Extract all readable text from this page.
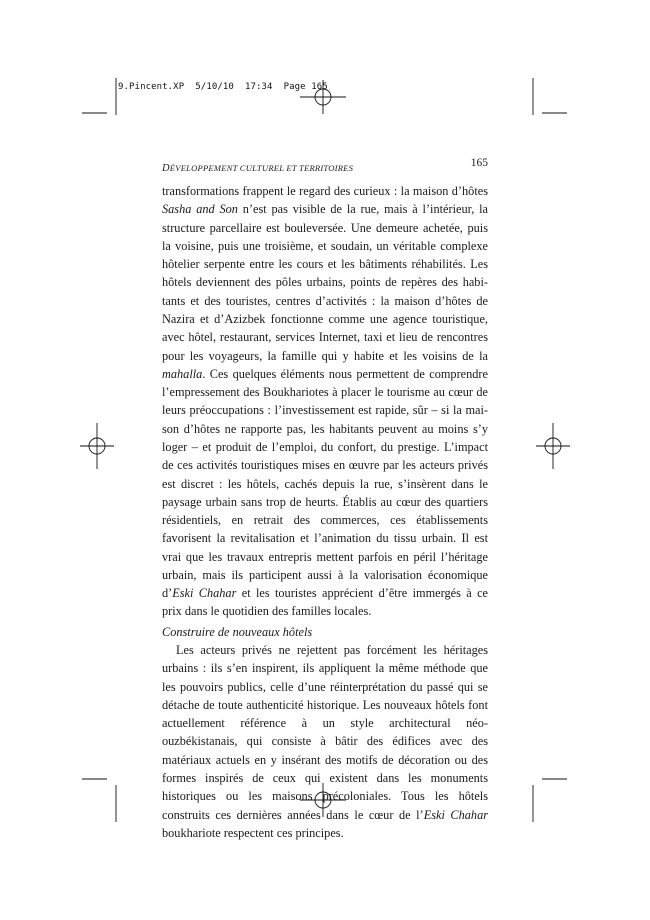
9.Pincent.XP 5/10/10 17:34 Page 165
DÉVELOPPEMENT CULTUREL ET TERRITOIRES	165

transformations frappent le regard des curieux : la maison d’hôtes Sasha and Son n’est pas visible de la rue, mais à l’intérieur, la structure parcellaire est bouleversée. Une demeure achetée, puis la voisine, puis une troisième, et soudain, un véritable complexe hôtelier serpente entre les cours et les bâtiments réhabilités. Les hôtels deviennent des pôles urbains, points de repères des habitants et des touristes, centres d’activités : la maison d’hôtes de Nazira et d’Azizbek fonctionne comme une agence touristique, avec hôtel, restaurant, services Internet, taxi et lieu de rencontres pour les voyageurs, la famille qui y habite et les voisins de la mahalla. Ces quelques éléments nous permettent de comprendre l’empressement des Boukhariotes à placer le tourisme au cœur de leurs préoccupations : l’investissement est rapide, sûr – si la maison d’hôtes ne rapporte pas, les habitants peuvent au moins s’y loger – et produit de l’emploi, du confort, du prestige. L’impact de ces activités touristiques mises en œuvre par les acteurs privés est discret : les hôtels, cachés depuis la rue, s’insèrent dans le paysage urbain sans trop de heurts. Établis au cœur des quartiers résidentiels, en retrait des commerces, ces établissements favorisent la revitalisation et l’animation du tissu urbain. Il est vrai que les travaux entrepris mettent parfois en péril l’héritage urbain, mais ils participent aussi à la valorisation économique d’Eski Chahar et les touristes apprécient d’être immergés à ce prix dans le quotidien des familles locales.

Construire de nouveaux hôtels

Les acteurs privés ne rejettent pas forcément les héritages urbains : ils s’en inspirent, ils appliquent la même méthode que les pouvoirs publics, celle d’une réinterprétation du passé qui se détache de toute authenticité historique. Les nouveaux hôtels font actuellement référence à un style architectural néo-ouzbékistanais, qui consiste à bâtir des édifices avec des matériaux actuels en y insérant des motifs de décoration ou des formes inspirés de ceux qui existent dans les monuments historiques ou les maisons précoloniales. Tous les hôtels construits ces dernières années dans le cœur de l’Eski Chahar boukhariote respectent ces principes.
